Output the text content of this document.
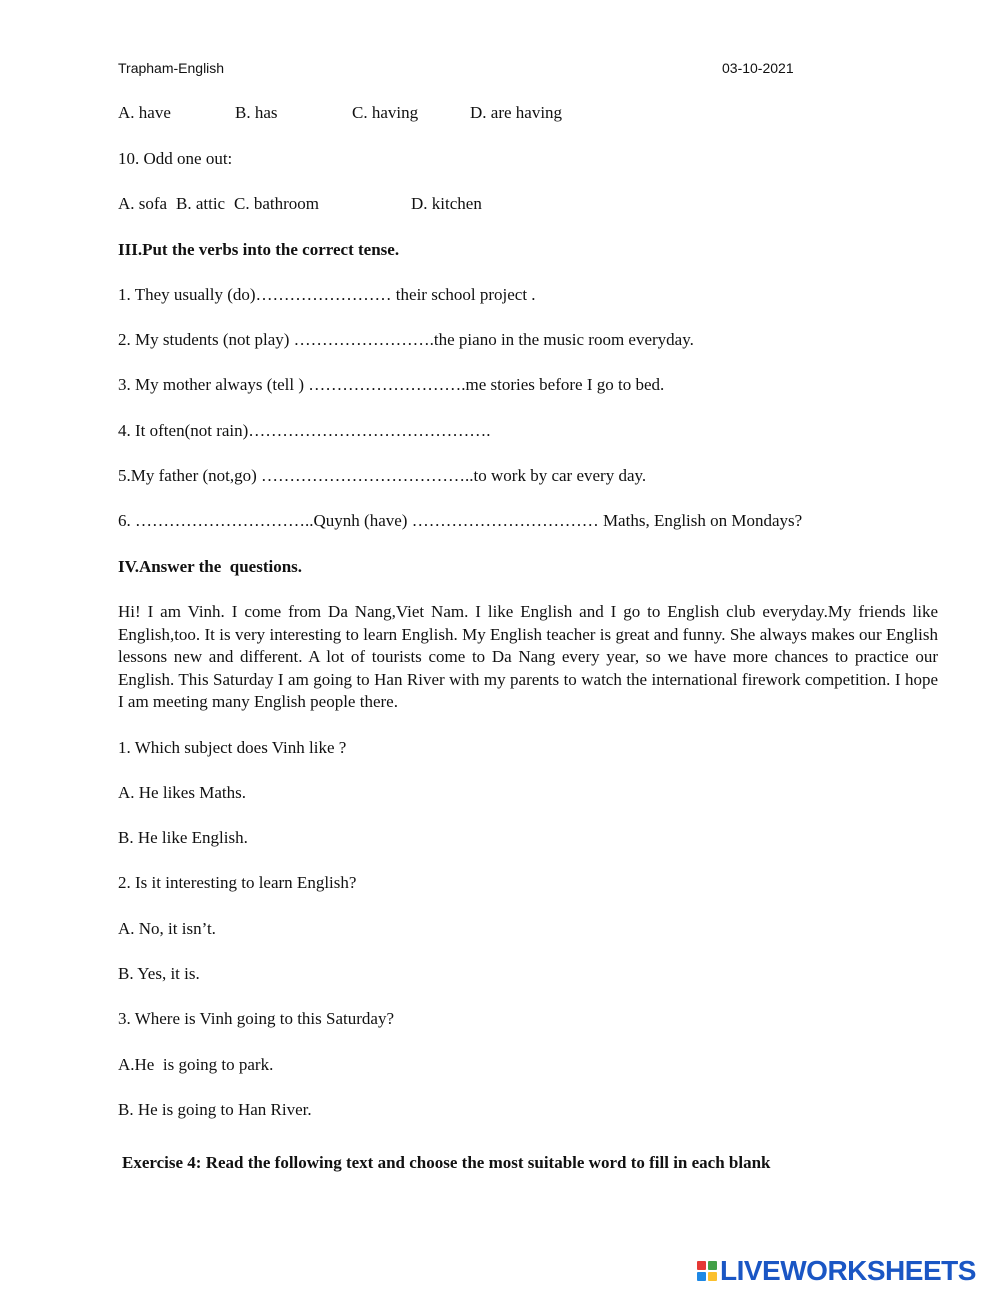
Trapham-English	03-10-2021
A. have	B. has	C. having	D. are having
10. Odd one out:
A. sofa B. attic C. bathroom	D. kitchen
III.Put the verbs into the correct tense.
1. They usually (do)…………………… their school project .
2. My students (not play) …………………….the piano in the music room everyday.
3. My mother always (tell ) ……………………….me stories before I go to bed.
4. It often(not rain)…………………………………….
5.My father (not,go) ………………………………..to work by car every day.
6. …………………………..Quynh (have) …………………………… Maths, English on Mondays?
IV.Answer the  questions.
Hi! I am Vinh. I come from Da Nang,Viet Nam. I like English and I go to English club everyday.My friends like English,too. It is very interesting to learn English. My English teacher is great and funny. She always makes our English lessons new and different. A lot of tourists come to Da Nang every year, so we have more chances to practice our English. This Saturday I am going to Han River with my parents to watch the international firework competition. I hope I am meeting many English people there.
1. Which subject does Vinh like ?
A. He likes Maths.
B. He like English.
2. Is it interesting to learn English?
A. No, it isn’t.
B. Yes, it is.
3. Where is Vinh going to this Saturday?
A.He  is going to park.
B. He is going to Han River.
Exercise 4: Read the following text and choose the most suitable word to fill in each blank
LIVEWORKSHEETS
